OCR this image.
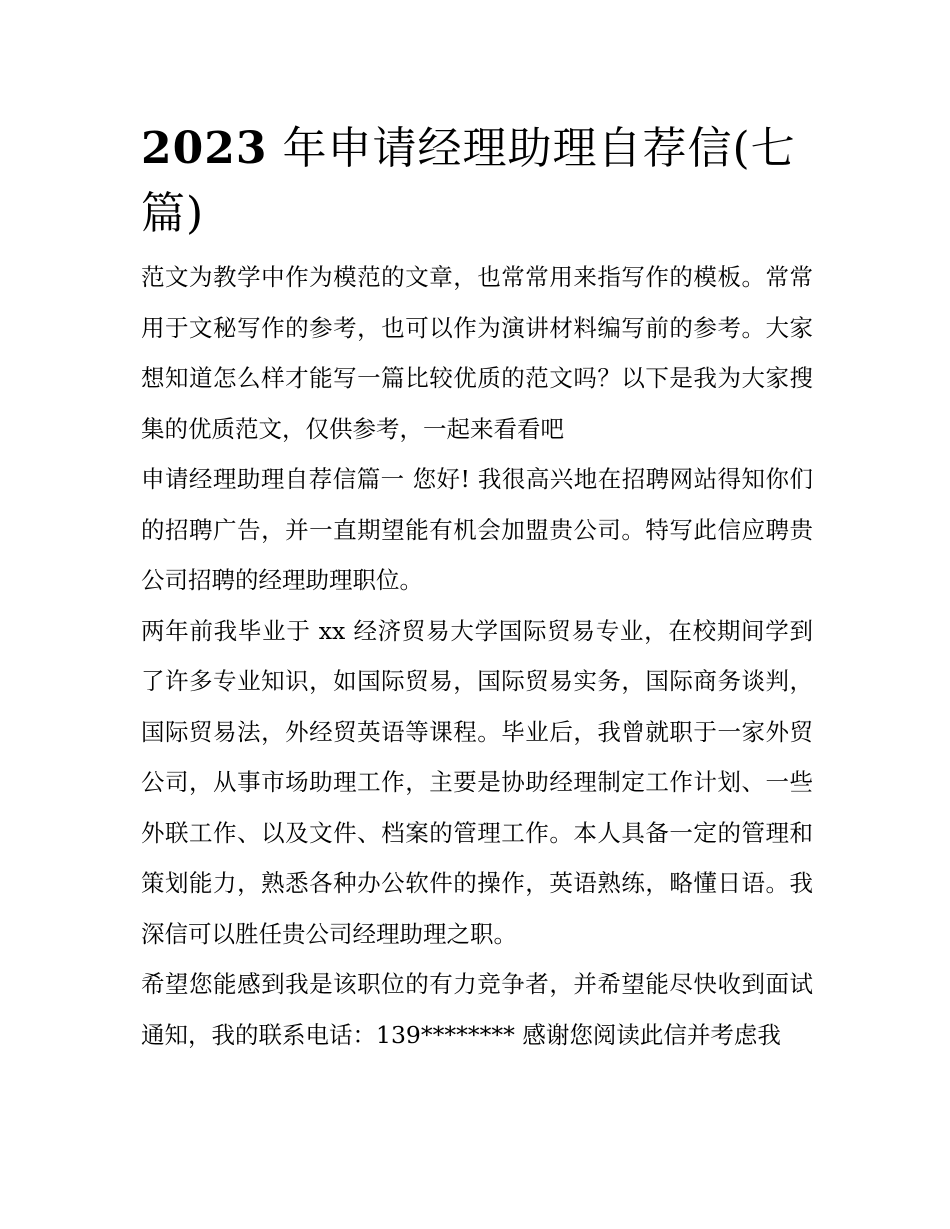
2023 年申请经理助理自荐信(七篇)

范文为教学中作为模范的文章，也常常用来指写作的模板。常常用于文秘写作的参考，也可以作为演讲材料编写前的参考。大家想知道怎么样才能写一篇比较优质的范文吗？以下是我为大家搜集的优质范文，仅供参考，一起来看看吧

申请经理助理自荐信篇一 您好! 我很高兴地在招聘网站得知你们的招聘广告，并一直期望能有机会加盟贵公司。特写此信应聘贵公司招聘的经理助理职位。

两年前我毕业于 xx 经济贸易大学国际贸易专业，在校期间学到了许多专业知识，如国际贸易，国际贸易实务，国际商务谈判，国际贸易法，外经贸英语等课程。毕业后，我曾就职于一家外贸公司，从事市场助理工作，主要是协助经理制定工作计划、一些外联工作、以及文件、档案的管理工作。本人具备一定的管理和策划能力，熟悉各种办公软件的操作，英语熟练，略懂日语。我深信可以胜任贵公司经理助理之职。

希望您能感到我是该职位的有力竞争者，并希望能尽快收到面试通知，我的联系电话：139******** 感谢您阅读此信并考虑我
